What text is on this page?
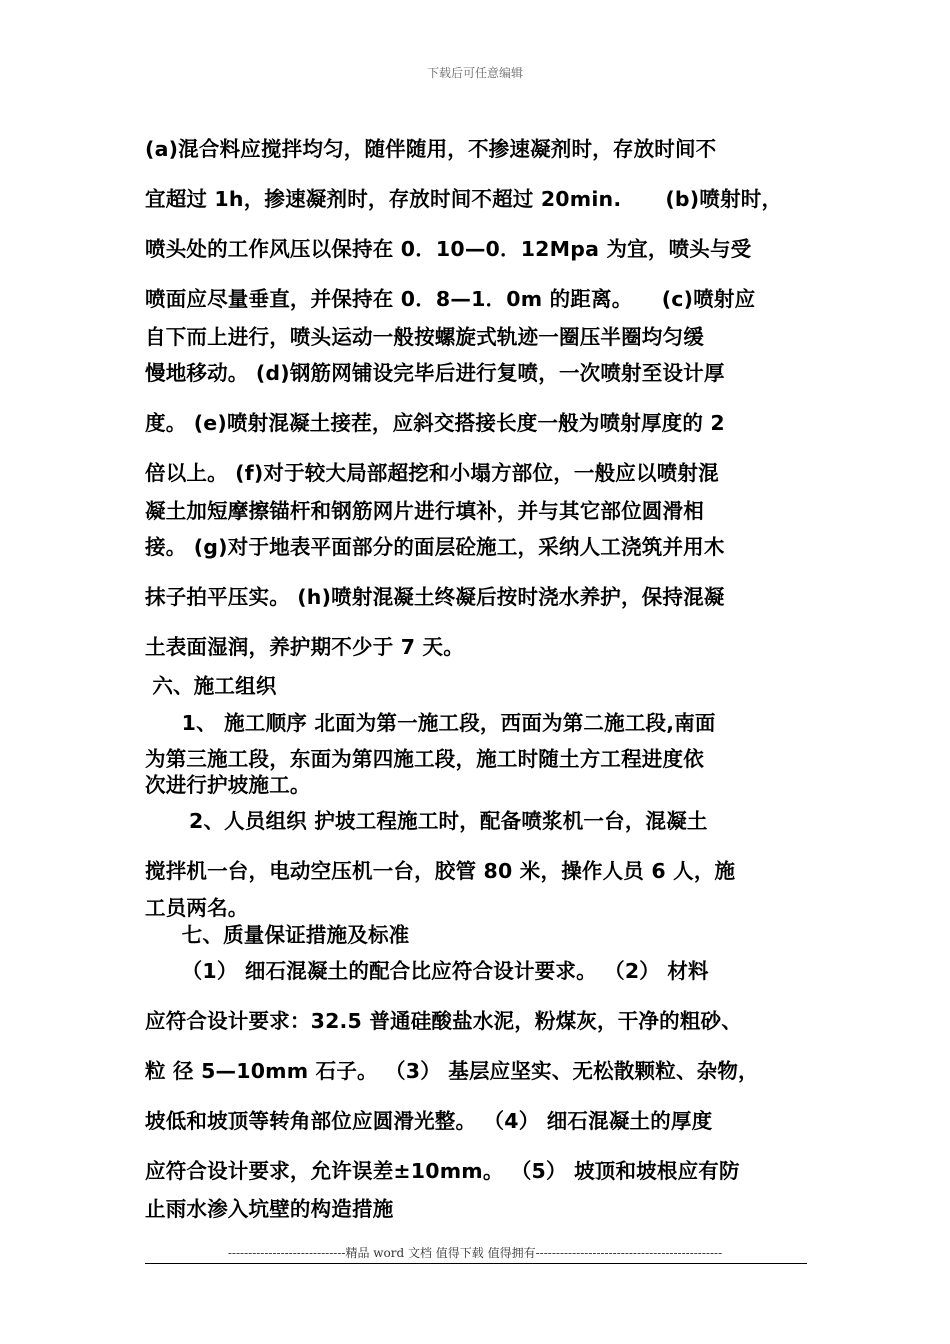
下载后可任意编辑
(a)混合料应搅拌均匀，随伴随用，不掺速凝剂时，存放时间不
宜超过 1h，掺速凝剂时，存放时间不超过 20min.      (b)喷射时，
喷头处的工作风压以保持在 0．10—0．12Mpa 为宜，喷头与受
喷面应尽量垂直，并保持在 0．8—1．0m 的距离。    (c)喷射应
自下而上进行，喷头运动一般按螺旋式轨迹一圈压半圈均匀缓
慢地移动。 (d)钢筋网铺设完毕后进行复喷，一次喷射至设计厚
度。 (e)喷射混凝土接茬，应斜交搭接长度一般为喷射厚度的 2
倍以上。 (f)对于较大局部超挖和小塌方部位，一般应以喷射混
凝土加短摩擦锚杆和钢筋网片进行填补，并与其它部位圆滑相
接。 (g)对于地表平面部分的面层砼施工，采纳人工浇筑并用木
抹子拍平压实。 (h)喷射混凝土终凝后按时浇水养护，保持混凝
土表面湿润，养护期不少于 7 天。
六、施工组织
1、 施工顺序 北面为第一施工段，西面为第二施工段,南面
为第三施工段，东面为第四施工段，施工时随土方工程进度依
次进行护坡施工。
2、人员组织 护坡工程施工时，配备喷浆机一台，混凝土
搅拌机一台，电动空压机一台，胶管 80 米，操作人员 6 人，施
工员两名。
七、质量保证措施及标准
（1） 细石混凝土的配合比应符合设计要求。 （2） 材料
应符合设计要求：32.5 普通硅酸盐水泥，粉煤灰，干净的粗砂、
粒 径 5—10mm 石子。 （3） 基层应坚实、无松散颗粒、杂物，
坡低和坡顶等转角部位应圆滑光整。 （4） 细石混凝土的厚度
应符合设计要求，允许误差±10mm。 （5） 坡顶和坡根应有防
止雨水渗入坑壁的构造措施
-----------------------------精品 word 文档 值得下载 值得拥有----------------------------------------------
